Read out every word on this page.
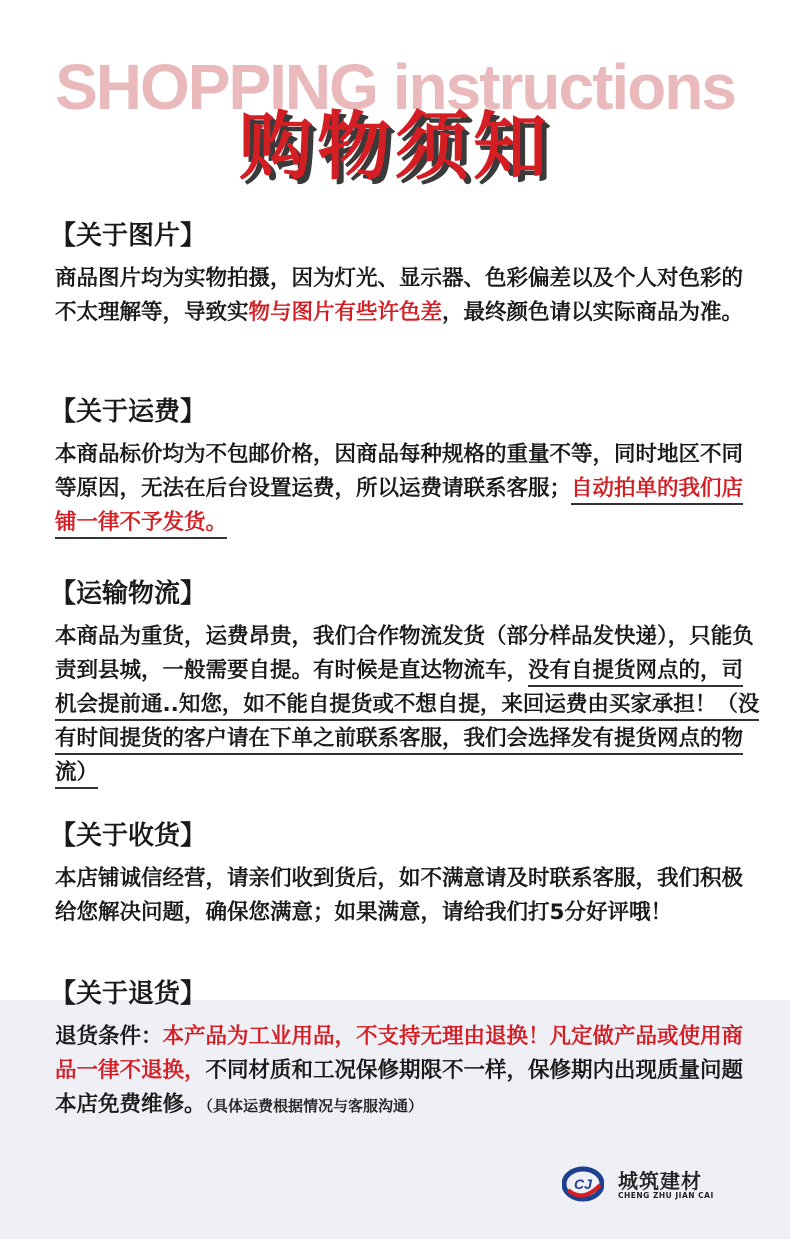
SHOPPING instructions
购物须知
【关于图片】
商品图片均为实物拍摄，因为灯光、显示器、色彩偏差以及个人对色彩的不太理解等，导致实物与图片有些许色差，最终颜色请以实际商品为准。
【关于运费】
本商品标价均为不包邮价格，因商品每种规格的重量不等，同时地区不同等原因，无法在后台设置运费，所以运费请联系客服；自动拍单的我们店铺一律不予发货。
【运输物流】
本商品为重货，运费昂贵，我们合作物流发货（部分样品发快递），只能负责到县城，一般需要自提。有时候是直达物流车，没有自提货网点的，司机会提前通..知您，如不能自提货或不想自提，来回运费由买家承担！（没有时间提货的客户请在下单之前联系客服，我们会选择发有提货网点的物流）
【关于收货】
本店铺诚信经营，请亲们收到货后，如不满意请及时联系客服，我们积极给您解决问题，确保您满意；如果满意，请给我们打5分好评哦！
【关于退货】
退货条件：本产品为工业用品，不支持无理由退换！凡定做产品或使用商品一律不退换，不同材质和工况保修期限不一样，保修期内出现质量问题本店免费维修。（具体运费根据情况与客服沟通）
CJ 城筑建材
CHENG ZHU JIAN CAI
